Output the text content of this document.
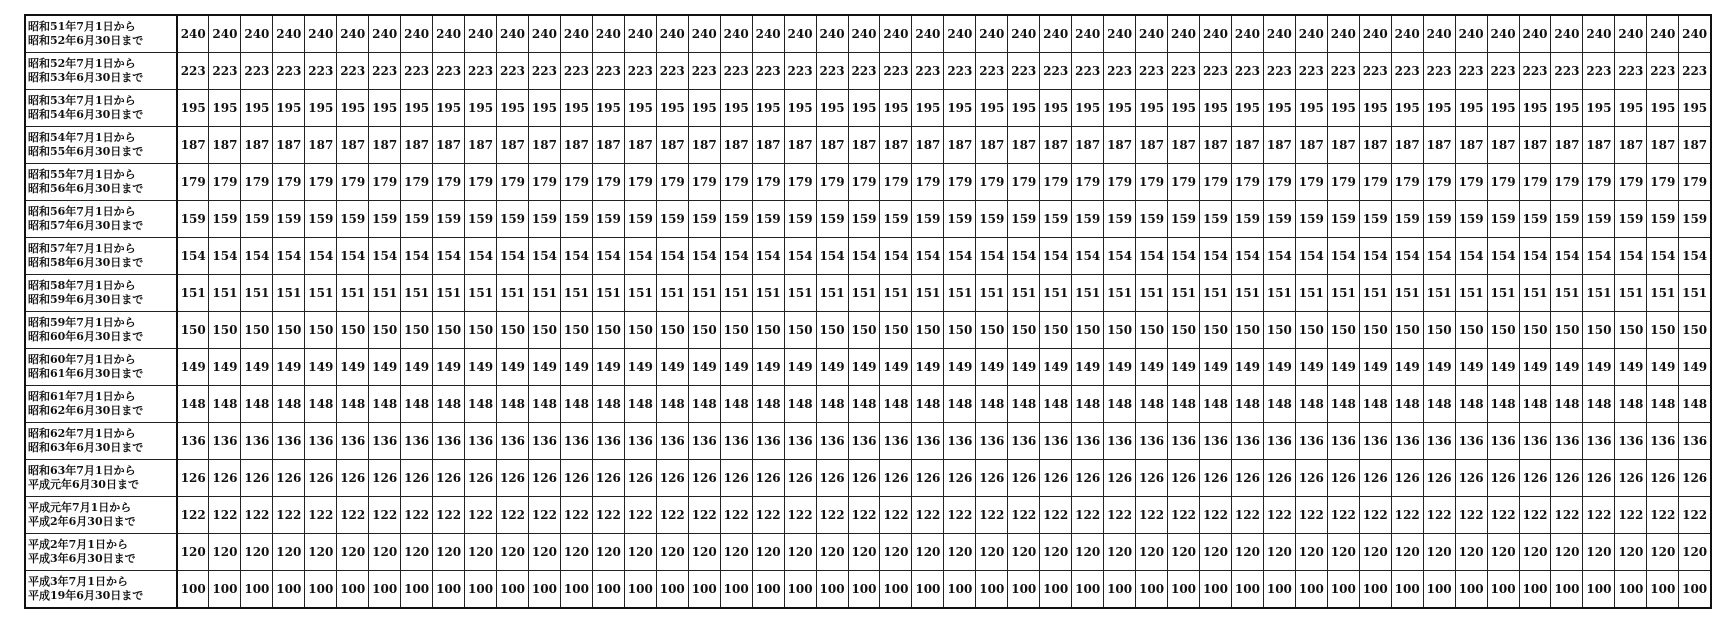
昭和51年7月1日から
昭和52年6月30日まで	240	240	240	240	240	240	240	240	240	240	240	240	240	240	240	240	240	240	240	240	240	240	240	240	240	240	240	240	240	240	240	240	240	240	240	240	240	240	240	240	240	240	240	240	240	240	240	240

昭和52年7月1日から
昭和53年6月30日まで	223	223	223	223	223	223	223	223	223	223	223	223	223	223	223	223	223	223	223	223	223	223	223	223	223	223	223	223	223	223	223	223	223	223	223	223	223	223	223	223	223	223	223	223	223	223	223	223

昭和53年7月1日から
昭和54年6月30日まで	195	195	195	195	195	195	195	195	195	195	195	195	195	195	195	195	195	195	195	195	195	195	195	195	195	195	195	195	195	195	195	195	195	195	195	195	195	195	195	195	195	195	195	195	195	195	195	195

昭和54年7月1日から
昭和55年6月30日まで	187	187	187	187	187	187	187	187	187	187	187	187	187	187	187	187	187	187	187	187	187	187	187	187	187	187	187	187	187	187	187	187	187	187	187	187	187	187	187	187	187	187	187	187	187	187	187	187

昭和55年7月1日から
昭和56年6月30日まで	179	179	179	179	179	179	179	179	179	179	179	179	179	179	179	179	179	179	179	179	179	179	179	179	179	179	179	179	179	179	179	179	179	179	179	179	179	179	179	179	179	179	179	179	179	179	179	179

昭和56年7月1日から
昭和57年6月30日まで	159	159	159	159	159	159	159	159	159	159	159	159	159	159	159	159	159	159	159	159	159	159	159	159	159	159	159	159	159	159	159	159	159	159	159	159	159	159	159	159	159	159	159	159	159	159	159	159

昭和57年7月1日から
昭和58年6月30日まで	154	154	154	154	154	154	154	154	154	154	154	154	154	154	154	154	154	154	154	154	154	154	154	154	154	154	154	154	154	154	154	154	154	154	154	154	154	154	154	154	154	154	154	154	154	154	154	154

昭和58年7月1日から
昭和59年6月30日まで	151	151	151	151	151	151	151	151	151	151	151	151	151	151	151	151	151	151	151	151	151	151	151	151	151	151	151	151	151	151	151	151	151	151	151	151	151	151	151	151	151	151	151	151	151	151	151	151

昭和59年7月1日から
昭和60年6月30日まで	150	150	150	150	150	150	150	150	150	150	150	150	150	150	150	150	150	150	150	150	150	150	150	150	150	150	150	150	150	150	150	150	150	150	150	150	150	150	150	150	150	150	150	150	150	150	150	150

昭和60年7月1日から
昭和61年6月30日まで	149	149	149	149	149	149	149	149	149	149	149	149	149	149	149	149	149	149	149	149	149	149	149	149	149	149	149	149	149	149	149	149	149	149	149	149	149	149	149	149	149	149	149	149	149	149	149	149

昭和61年7月1日から
昭和62年6月30日まで	148	148	148	148	148	148	148	148	148	148	148	148	148	148	148	148	148	148	148	148	148	148	148	148	148	148	148	148	148	148	148	148	148	148	148	148	148	148	148	148	148	148	148	148	148	148	148	148

昭和62年7月1日から
昭和63年6月30日まで	136	136	136	136	136	136	136	136	136	136	136	136	136	136	136	136	136	136	136	136	136	136	136	136	136	136	136	136	136	136	136	136	136	136	136	136	136	136	136	136	136	136	136	136	136	136	136	136

昭和63年7月1日から
平成元年6月30日まで	126	126	126	126	126	126	126	126	126	126	126	126	126	126	126	126	126	126	126	126	126	126	126	126	126	126	126	126	126	126	126	126	126	126	126	126	126	126	126	126	126	126	126	126	126	126	126	126

平成元年7月1日から
平成2年6月30日まで	122	122	122	122	122	122	122	122	122	122	122	122	122	122	122	122	122	122	122	122	122	122	122	122	122	122	122	122	122	122	122	122	122	122	122	122	122	122	122	122	122	122	122	122	122	122	122	122

平成2年7月1日から
平成3年6月30日まで	120	120	120	120	120	120	120	120	120	120	120	120	120	120	120	120	120	120	120	120	120	120	120	120	120	120	120	120	120	120	120	120	120	120	120	120	120	120	120	120	120	120	120	120	120	120	120	120

平成3年7月1日から
平成19年6月30日まで	100	100	100	100	100	100	100	100	100	100	100	100	100	100	100	100	100	100	100	100	100	100	100	100	100	100	100	100	100	100	100	100	100	100	100	100	100	100	100	100	100	100	100	100	100	100	100	100
